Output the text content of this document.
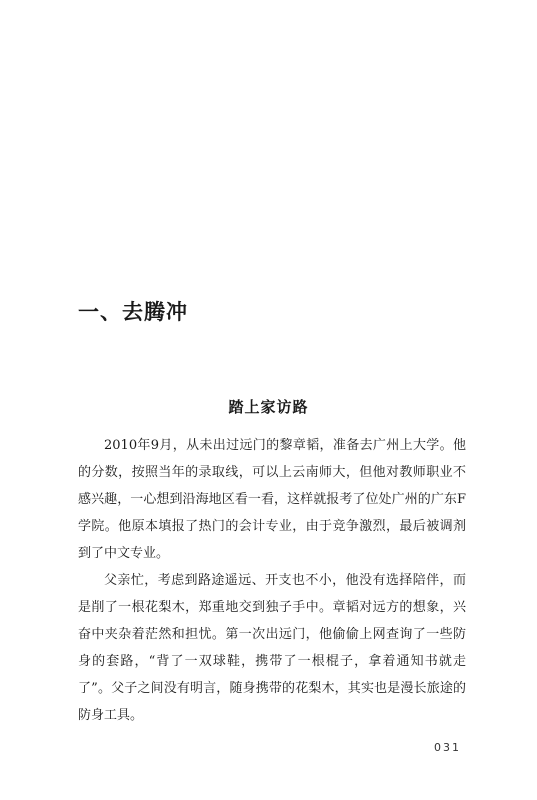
一、去腾冲
踏上家访路

2010年9月，从未出过远门的黎章韬，准备去广州上大学。他的分数，按照当年的录取线，可以上云南师大，但他对教师职业不感兴趣，一心想到沿海地区看一看，这样就报考了位处广州的广东F学院。他原本填报了热门的会计专业，由于竞争激烈，最后被调剂到了中文专业。

父亲忙，考虑到路途遥远、开支也不小，他没有选择陪伴，而是削了一根花梨木，郑重地交到独子手中。章韬对远方的想象，兴奋中夹杂着茫然和担忧。第一次出远门，他偷偷上网查询了一些防身的套路，“背了一双球鞋，携带了一根棍子，拿着通知书就走了”。父子之间没有明言，随身携带的花梨木，其实也是漫长旅途的防身工具。

031
